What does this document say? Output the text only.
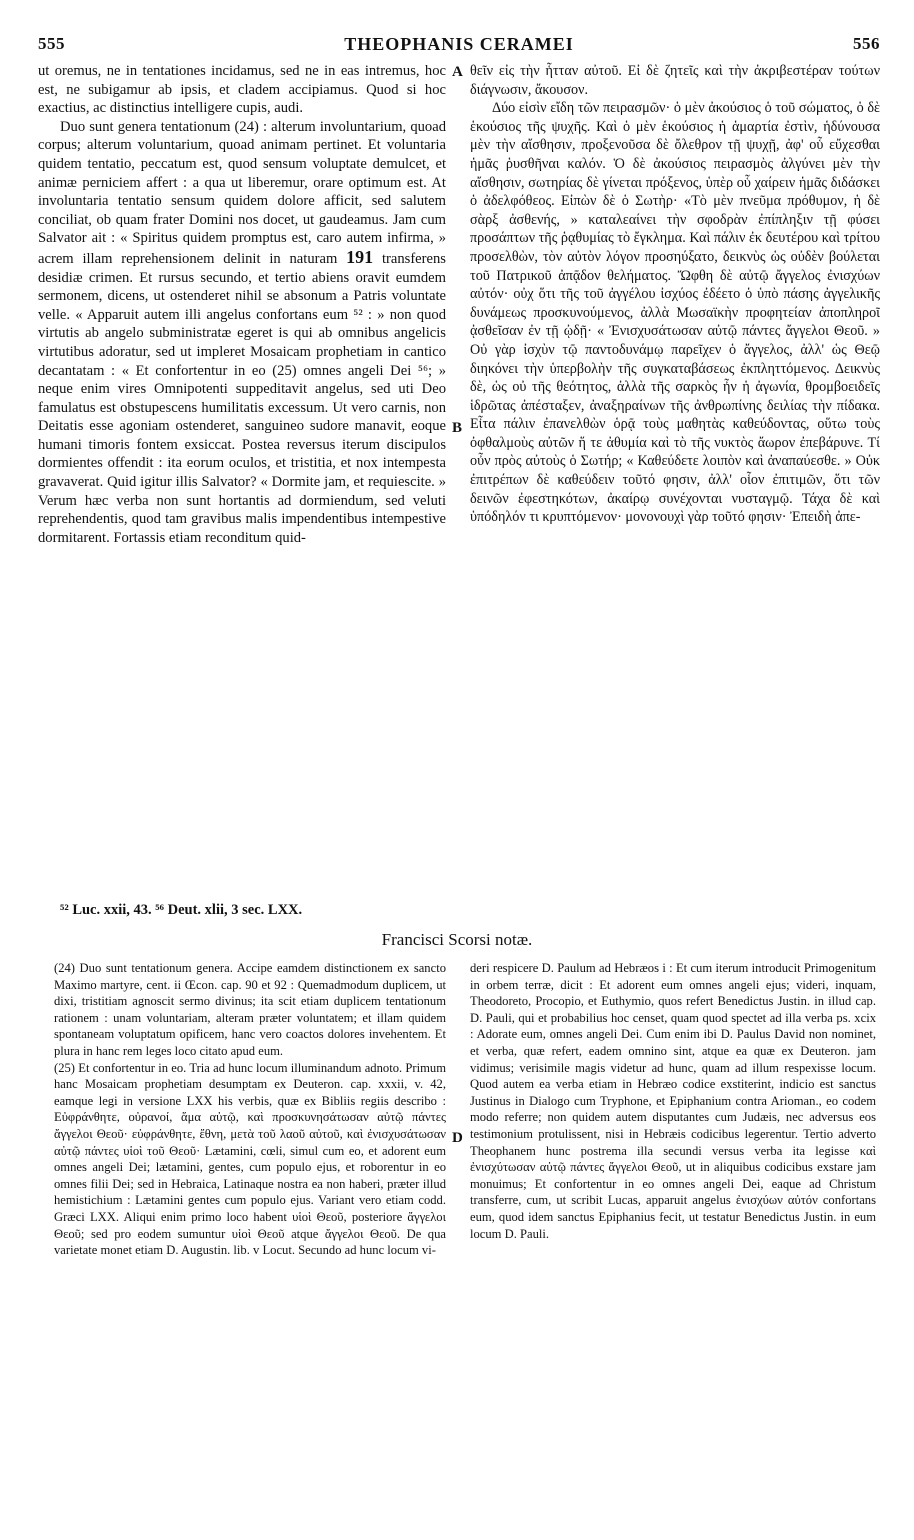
555	THEOPHANIS CERAMEI	556

ut oremus, ne in tentationes incidamus, sed ne in eas intremus, hoc est, ne subigamur ab ipsis, et cladem accipiamus. Quod si hoc exactius, ac distinctius intelligere cupis, audi.

Duo sunt genera tentationum (24) : alterum involuntarium, quoad corpus; alterum voluntarium, quoad animam pertinet. Et voluntaria quidem tentatio, peccatum est, quod sensum voluptate demulcet, et animæ perniciem affert : a qua ut liberemur, orare optimum est. At involuntaria tentatio sensum quidem dolore afficit, sed salutem conciliat, ob quam frater Domini nos docet, ut gaudeamus. Jam cum Salvator ait : « Spiritus quidem promptus est, caro autem infirma, » acrem illam reprehensionem delinit in naturam 191 transferens desidiæ crimen. Et rursus secundo, et tertio abiens oravit eumdem sermonem, dicens, ut ostenderet nihil se absonum a Patris voluntate velle. « Apparuit autem illi angelus confortans eum ⁵² : » non quod virtutis ab angelo subministratæ egeret is qui ab omnibus angelicis virtutibus adoratur, sed ut impleret Mosaicam prophetiam in cantico decantatam : « Et confortentur in eo (25) omnes angeli Dei ⁵⁶; » neque enim vires Omnipotenti suppeditavit angelus, sed uti Deo famulatus est obstupescens humilitatis excessum. Ut vero carnis, non Deitatis esse agoniam ostenderet, sanguineo sudore manavit, eoque humani timoris fontem exsiccat. Postea reversus iterum discipulos dormientes offendit : ita eorum oculos, et tristitia, et nox intempesta gravaverat. Quid igitur illis Salvator? « Dormite jam, et requiescite. » Verum hæc verba non sunt hortantis ad dormiendum, sed veluti reprehendentis, quod tam gravibus malis impendentibus intempestive dormitarent. Fortassis etiam reconditum quid-

A
B
D

θεῖν εἰς τὴν ἧτταν αὐτοῦ. Εἰ δὲ ζητεῖς καὶ τὴν ἀκριβεστέραν τούτων διάγνωσιν, ἄκουσον.

Δύο εἰσὶν εἴδη τῶν πειρασμῶν· ὁ μὲν ἀκούσιος ὁ τοῦ σώματος, ὁ δὲ ἑκούσιος τῆς ψυχῆς. Καὶ ὁ μὲν ἑκούσιος ἡ ἁμαρτία ἐστὶν, ἡδύνουσα μὲν τὴν αἴσθησιν, προξενοῦσα δὲ ὄλεθρον τῇ ψυχῇ, ἀφ' οὗ εὔχεσθαι ἡμᾶς ῥυσθῆναι καλόν. Ὁ δὲ ἀκούσιος πειρασμὸς ἀλγύνει μὲν τὴν αἴσθησιν, σωτηρίας δὲ γίνεται πρόξενος, ὑπὲρ οὗ χαίρειν ἡμᾶς διδάσκει ὁ ἀδελφόθεος. Εἰπὼν δὲ ὁ Σωτὴρ· «Τὸ μὲν πνεῦμα πρόθυμον, ἡ δὲ σὰρξ ἀσθενής, » καταλεαίνει τὴν σφοδρὰν ἐπίπληξιν τῇ φύσει προσάπτων τῆς ῥᾳθυμίας τὸ ἔγκλημα. Καὶ πάλιν ἐκ δευτέρου καὶ τρίτου προσελθὼν, τὸν αὐτὸν λόγον προσηύξατο, δεικνὺς ὡς οὐδὲν βούλεται τοῦ Πατρικοῦ ἀπᾷδον θελήματος. Ὤφθη δὲ αὐτῷ ἄγγελος ἐνισχύων αὐτόν· οὐχ ὅτι τῆς τοῦ ἀγγέλου ἰσχύος ἐδέετο ὁ ὑπὸ πάσης ἀγγελικῆς δυνάμεως προσκυνούμενος, ἀλλὰ Μωσαϊκὴν προφητείαν ἀποπληροῖ ᾀσθεῖσαν ἐν τῇ ᾠδῇ· « Ἐνισχυσάτωσαν αὐτῷ πάντες ἄγγελοι Θεοῦ. » Οὐ γὰρ ἰσχὺν τῷ παντοδυνάμῳ παρεῖχεν ὁ ἄγγελος, ἀλλ' ὡς Θεῷ διηκόνει τὴν ὑπερβολὴν τῆς συγκαταβάσεως ἐκπληττόμενος. Δεικνὺς δὲ, ὡς οὐ τῆς θεότητος, ἀλλὰ τῆς σαρκὸς ἦν ἡ ἀγωνία, θρομβοειδεῖς ἱδρῶτας ἀπέσταξεν, ἀναξηραίνων τῆς ἀνθρωπίνης δειλίας τὴν πίδακα. Εἶτα πάλιν ἐπανελθὼν ὁρᾷ τοὺς μαθητὰς καθεύδοντας, οὕτω τοὺς ὀφθαλμοὺς αὐτῶν ἥ τε ἀθυμία καὶ τὸ τῆς νυκτὸς ἄωρον ἐπεβάρυνε. Τί οὖν πρὸς αὐτοὺς ὁ Σωτήρ; « Καθεύδετε λοιπὸν καὶ ἀναπαύεσθε. » Οὐκ ἐπιτρέπων δὲ καθεύδειν τοῦτό φησιν, ἀλλ' οἷον ἐπιτιμῶν, ὅτι τῶν δεινῶν ἐφεστηκότων, ἀκαίρῳ συνέχονται νυσταγμῷ. Τάχα δὲ καὶ ὑπόδηλόν τι κρυπτόμενον· μονονουχὶ γὰρ τοῦτό φησιν· Ἐπειδὴ ἀπε-

⁵² Luc. xxii, 43. ⁵⁶ Deut. xlii, 3 sec. LXX.
Francisci Scorsi notæ.

(24) Duo sunt tentationum genera. Accipe eamdem distinctionem ex sancto Maximo martyre, cent. ii Œcon. cap. 90 et 92 : Quemadmodum duplicem, ut dixi, tristitiam agnoscit sermo divinus; ita scit etiam duplicem tentationum rationem : unam voluntariam, alteram præter voluntatem; et illam quidem spontaneam voluptatum opificem, hanc vero coactos dolores invehentem. Et plura in hanc rem leges loco citato apud eum.

(25) Et confortentur in eo. Tria ad hunc locum illuminandum adnoto. Primum hanc Mosaicam prophetiam desumptam ex Deuteron. cap. xxxii, v. 42, eamque legi in versione LXX his verbis, quæ ex Bibliis regiis describo : Εὐφράνθητε, οὐρανοί, ἅμα αὐτῷ, καὶ προσκυνησάτωσαν αὐτῷ πάντες ἄγγελοι Θεοῦ· εὐφράνθητε, ἔθνη, μετὰ τοῦ λαοῦ αὐτοῦ, καὶ ἐνισχυσάτωσαν αὐτῷ πάντες υἱοὶ τοῦ Θεοῦ· Lætamini, cœli, simul cum eo, et adorent eum omnes angeli Dei; lætamini, gentes, cum populo ejus, et roborentur in eo omnes filii Dei; sed in Hebraica, Latinaque nostra ea non haberi, præter illud hemistichium : Lætamini gentes cum populo ejus. Variant vero etiam codd. Græci LXX. Aliqui enim primo loco habent υἱοὶ Θεοῦ, posteriore ἄγγελοι Θεοῦ; sed pro eodem sumuntur υἱοὶ Θεοῦ atque ἄγγελοι Θεοῦ. De qua varietate monet etiam D. Augustin. lib. v Locut. Secundo ad hunc locum vi-

deri respicere D. Paulum ad Hebræos i : Et cum iterum introducit Primogenitum in orbem terræ, dicit : Et adorent eum omnes angeli ejus; videri, inquam, Theodoreto, Procopio, et Euthymio, quos refert Benedictus Justin. in illud cap. D. Pauli, qui et probabilius hoc censet, quam quod spectet ad illa verba ps. xcix : Adorate eum, omnes angeli Dei. Cum enim ibi D. Paulus David non nominet, et verba, quæ refert, eadem omnino sint, atque ea quæ ex Deuteron. jam vidimus; verisimile magis videtur ad hunc, quam ad illum respexisse locum. Quod autem ea verba etiam in Hebræo codice exstiterint, indicio est sanctus Justinus in Dialogo cum Tryphone, et Epiphanium contra Arioman., eo codem modo referre; non quidem autem disputantes cum Judæis, nec adversus eos testimonium protulissent, nisi in Hebræis codicibus legerentur. Tertio adverto Theophanem hunc postrema illa secundi versus verba ita legisse καὶ ἐνισχύτωσαν αὐτῷ πάντες ἄγγελοι Θεοῦ, ut in aliquibus codicibus exstare jam monuimus; Et confortentur in eo omnes angeli Dei, eaque ad Christum transferre, cum, ut scribit Lucas, apparuit angelus ἐνισχύων αὐτόν confortans eum, quod idem sanctus Epiphanius fecit, ut testatur Benedictus Justin. in eum locum D. Pauli.
